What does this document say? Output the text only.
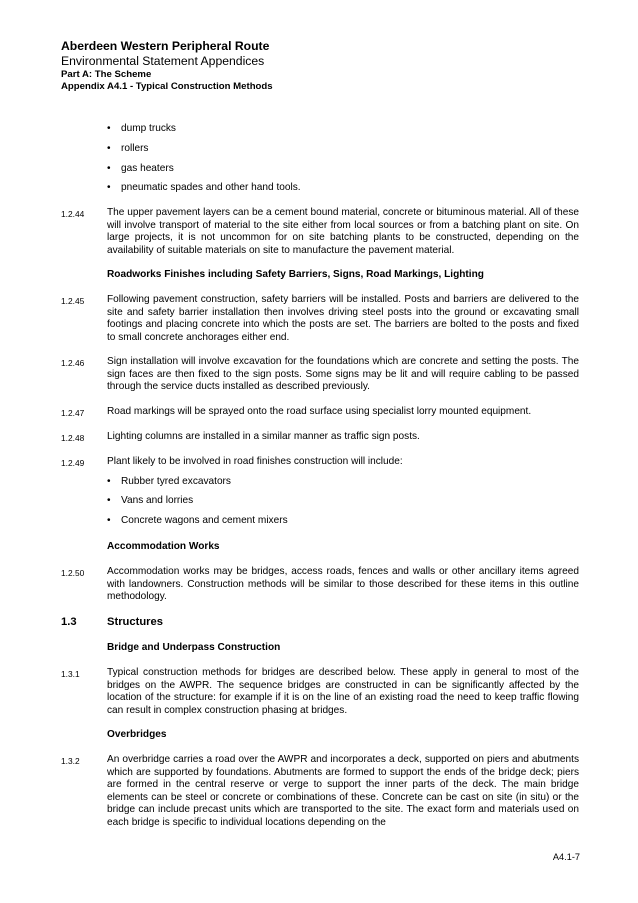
Aberdeen Western Peripheral Route
Environmental Statement Appendices
Part A: The Scheme
Appendix A4.1 - Typical Construction Methods
• dump trucks
• rollers
• gas heaters
• pneumatic spades and other hand tools.
1.2.44 The upper pavement layers can be a cement bound material, concrete or bituminous material. All of these will involve transport of material to the site either from local sources or from a batching plant on site. On large projects, it is not uncommon for on site batching plants to be constructed, depending on the availability of suitable materials on site to manufacture the pavement material.
Roadworks Finishes including Safety Barriers, Signs, Road Markings, Lighting
1.2.45 Following pavement construction, safety barriers will be installed. Posts and barriers are delivered to the site and safety barrier installation then involves driving steel posts into the ground or excavating small footings and placing concrete into which the posts are set. The barriers are bolted to the posts and fixed to small concrete anchorages either end.
1.2.46 Sign installation will involve excavation for the foundations which are concrete and setting the posts. The sign faces are then fixed to the sign posts. Some signs may be lit and will require cabling to be passed through the service ducts installed as described previously.
1.2.47 Road markings will be sprayed onto the road surface using specialist lorry mounted equipment.
1.2.48 Lighting columns are installed in a similar manner as traffic sign posts.
1.2.49 Plant likely to be involved in road finishes construction will include:
• Rubber tyred excavators
• Vans and lorries
• Concrete wagons and cement mixers
Accommodation Works
1.2.50 Accommodation works may be bridges, access roads, fences and walls or other ancillary items agreed with landowners. Construction methods will be similar to those described for these items in this outline methodology.
1.3	Structures
Bridge and Underpass Construction
1.3.1	Typical construction methods for bridges are described below. These apply in general to most of the bridges on the AWPR. The sequence bridges are constructed in can be significantly affected by the location of the structure: for example if it is on the line of an existing road the need to keep traffic flowing can result in complex construction phasing at bridges.
Overbridges
1.3.2	An overbridge carries a road over the AWPR and incorporates a deck, supported on piers and abutments which are supported by foundations. Abutments are formed to support the ends of the bridge deck; piers are formed in the central reserve or verge to support the inner parts of the deck. The main bridge elements can be steel or concrete or combinations of these. Concrete can be cast on site (in situ) or the bridge can include precast units which are transported to the site. The exact form and materials used on each bridge is specific to individual locations depending on the
A4.1-7
